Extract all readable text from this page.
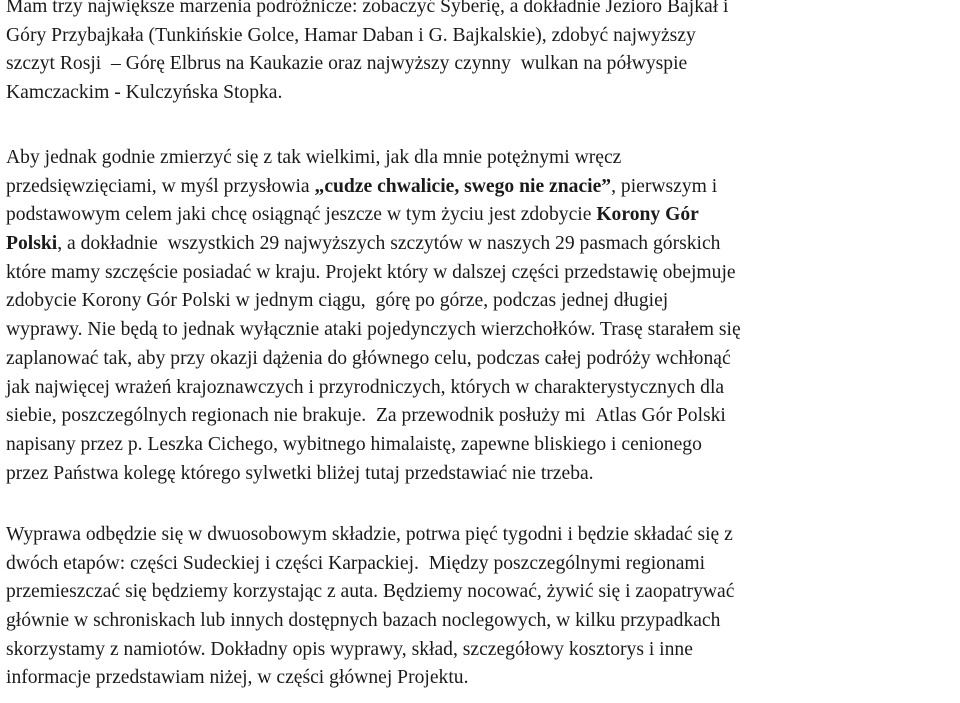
Mam trzy największe marzenia podróżnicze: zobaczyć Syberię, a dokładnie Jezioro Bajkał i
Góry Przybajkała (Tunkińskie Golce, Hamar Daban i G. Bajkalskie), zdobyć najwyższy
szczyt Rosji  – Górę Elbrus na Kaukazie oraz najwyższy czynny  wulkan na półwyspie
Kamczackim - Kulczyńska Stopka.
Aby jednak godnie zmierzyć się z tak wielkimi, jak dla mnie potężnymi wręcz
przedsięwzięciami, w myśl przysłowia „cudze chwalicie, swego nie znacie”, pierwszym i
podstawowym celem jaki chcę osiągnąć jeszcze w tym życiu jest zdobycie Korony Gór
Polski, a dokładnie  wszystkich 29 najwyższych szczytów w naszych 29 pasmach górskich
które mamy szczęście posiadać w kraju. Projekt który w dalszej części przedstawię obejmuje
zdobycie Korony Gór Polski w jednym ciągu,  górę po górze, podczas jednej długiej
wyprawy. Nie będą to jednak wyłącznie ataki pojedynczych wierzchołków. Trasę starałem się
zaplanować tak, aby przy okazji dążenia do głównego celu, podczas całej podróży wchłonąć
jak najwięcej wrażeń krajoznawczych i przyrodniczych, których w charakterystycznych dla
siebie, poszczególnych regionach nie brakuje.  Za przewodnik posłuży mi  Atlas Gór Polski
napisany przez p. Leszka Cichego, wybitnego himalaistę, zapewne bliskiego i cenionego
przez Państwa kolegę którego sylwetki bliżej tutaj przedstawiać nie trzeba.
Wyprawa odbędzie się w dwuosobowym składzie, potrwa pięć tygodni i będzie składać się z
dwóch etapów: części Sudeckiej i części Karpackiej.  Między poszczególnymi regionami
przemieszczać się będziemy korzystając z auta. Będziemy nocować, żywić się i zaopatrywać
głównie w schroniskach lub innych dostępnych bazach noclegowych, w kilku przypadkach
skorzystamy z namiotów. Dokładny opis wyprawy, skład, szczegółowy kosztorys i inne
informacje przedstawiam niżej, w części głównej Projektu.
